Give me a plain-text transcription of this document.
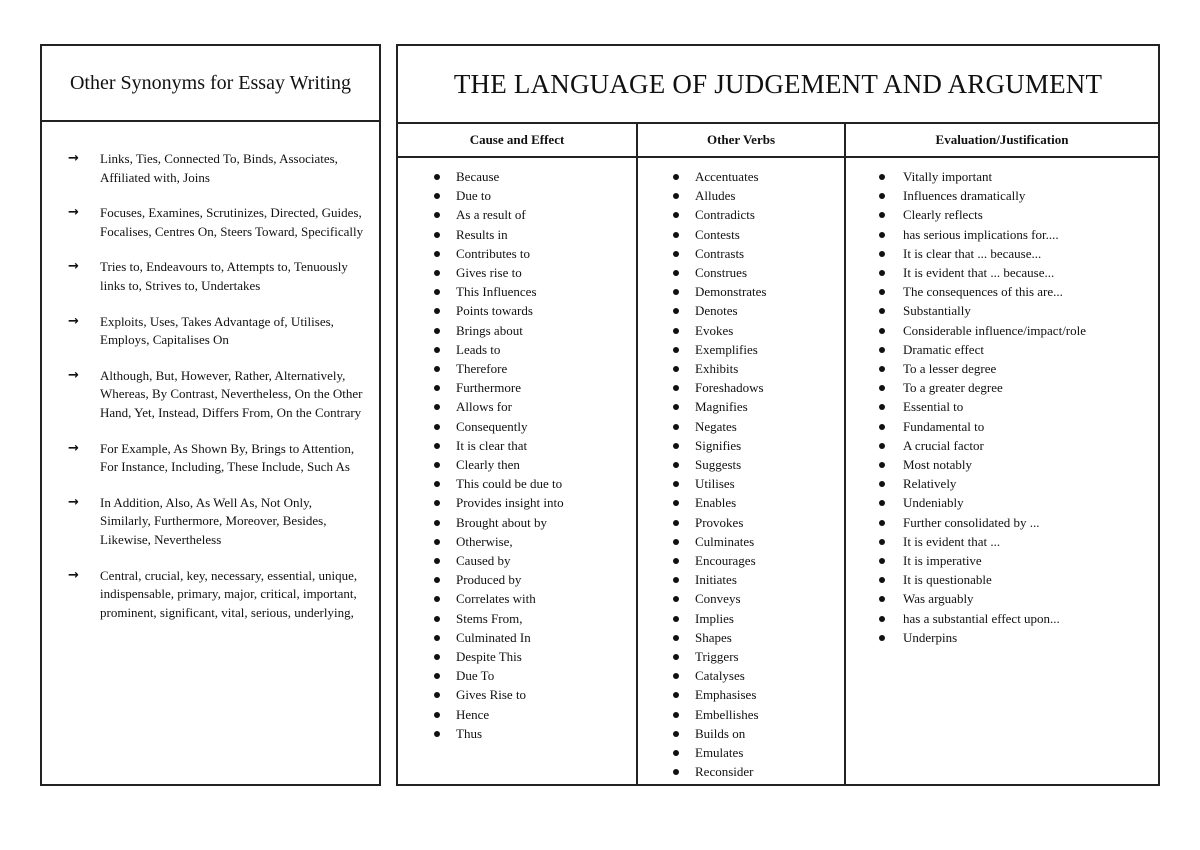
Other Synonyms for Essay Writing
→ Links, Ties, Connected To, Binds, Associates, Affiliated with, Joins
→ Focuses, Examines, Scrutinizes, Directed, Guides, Focalises, Centres On, Steers Toward, Specifically
→ Tries to, Endeavours to, Attempts to, Tenuously links to, Strives to, Undertakes
→ Exploits, Uses, Takes Advantage of, Utilises, Employs, Capitalises On
→ Although, But, However, Rather, Alternatively, Whereas, By Contrast, Nevertheless, On the Other Hand, Yet, Instead, Differs From, On the Contrary
→ For Example, As Shown By, Brings to Attention, For Instance, Including, These Include, Such As
→ In Addition, Also, As Well As, Not Only, Similarly, Furthermore, Moreover, Besides, Likewise, Nevertheless
→ Central, crucial, key, necessary, essential, unique, indispensable, primary, major, critical, important, prominent, significant, vital, serious, underlying,
THE LANGUAGE OF JUDGEMENT AND ARGUMENT
Cause and Effect
Because
Due to
As a result of
Results in
Contributes to
Gives rise to
This Influences
Points towards
Brings about
Leads to
Therefore
Furthermore
Allows for
Consequently
It is clear that
Clearly then
This could be due to
Provides insight into
Brought about by
Otherwise,
Caused by
Produced by
Correlates with
Stems From,
Culminated In
Despite This
Due To
Gives Rise to
Hence
Thus
Other Verbs
Accentuates
Alludes
Contradicts
Contests
Contrasts
Construes
Demonstrates
Denotes
Evokes
Exemplifies
Exhibits
Foreshadows
Magnifies
Negates
Signifies
Suggests
Utilises
Enables
Provokes
Culminates
Encourages
Initiates
Conveys
Implies
Shapes
Triggers
Catalyses
Emphasises
Embellishes
Builds on
Emulates
Reconsider
Evaluation/Justification
Vitally important
Influences dramatically
Clearly reflects
has serious implications for....
It is clear that ... because...
It is evident that ... because...
The consequences of this are...
Substantially
Considerable influence/impact/role
Dramatic effect
To a lesser degree
To a greater degree
Essential to
Fundamental to
A crucial factor
Most notably
Relatively
Undeniably
Further consolidated by ...
It is evident that ...
It is imperative
It is questionable
Was arguably
has a substantial effect upon...
Underpins
